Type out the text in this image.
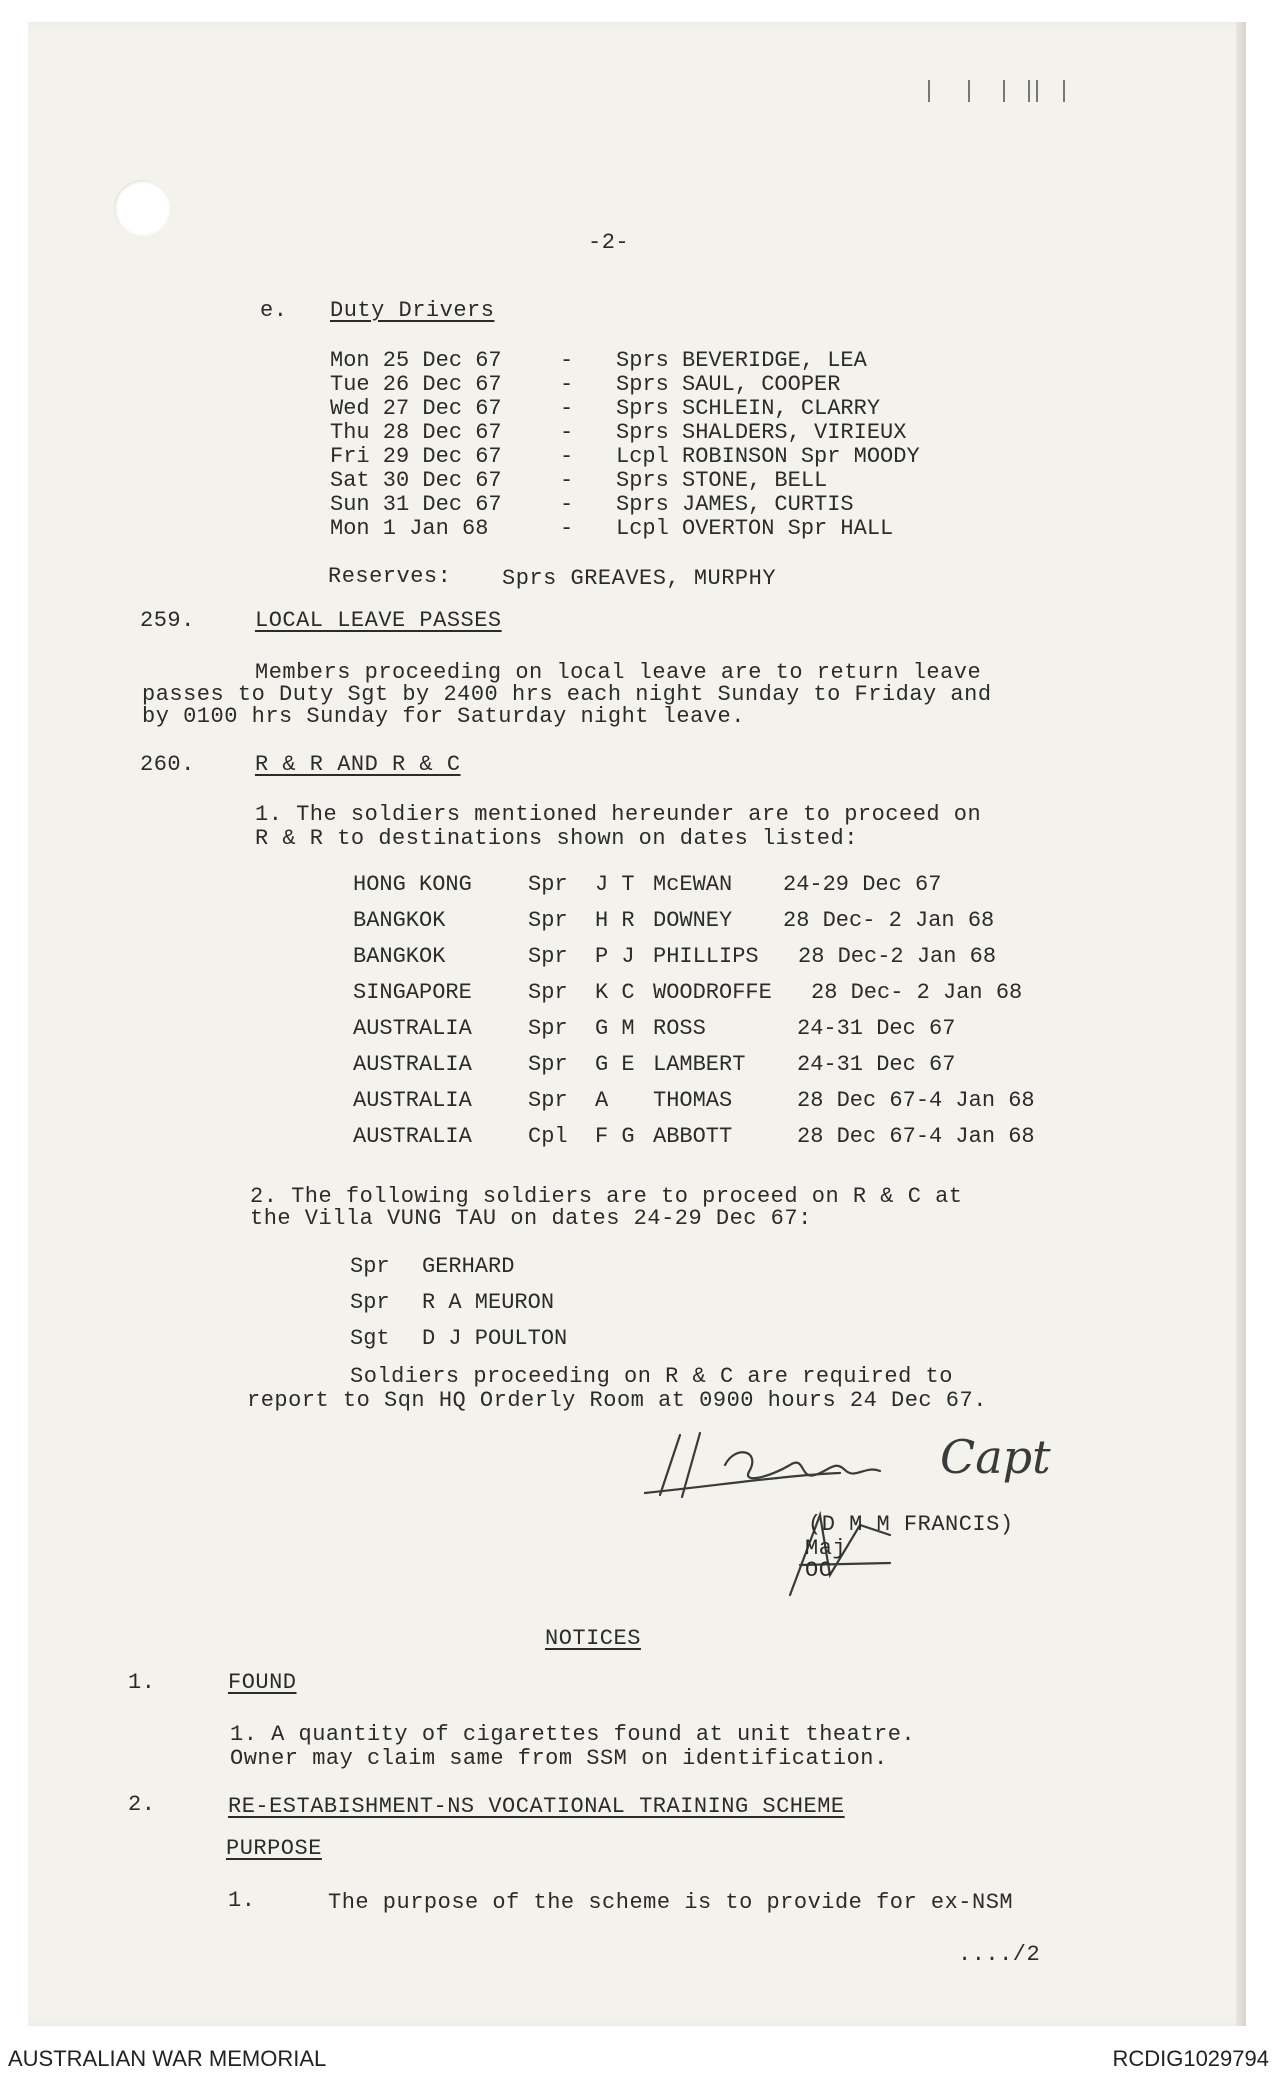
-2-
e. Duty Drivers
Mon 25 Dec 67	- Sprs BEVERIDGE, LEA
Tue 26 Dec 67	- Sprs SAUL, COOPER
Wed 27 Dec 67	- Sprs SCHLEIN, CLARRY
Thu 28 Dec 67	- Sprs SHALDERS, VIRIEUX
Fri 29 Dec 67	- Lcpl ROBINSON Spr MOODY
Sat 30 Dec 67	- Sprs STONE, BELL
Sun 31 Dec 67	- Sprs JAMES, CURTIS
Mon 1 Jan 68	- Lcpl OVERTON Spr HALL
Reserves: Sprs GREAVES, MURPHY
259.	LOCAL LEAVE PASSES
Members proceeding on local leave are to return leave
passes to Duty Sgt by 2400 hrs each night Sunday to Friday and
by 0100 hrs Sunday for Saturday night leave.
260.	R & R AND R & C
1. The soldiers mentioned hereunder are to proceed on
R & R to destinations shown on dates listed:
HONG KONG	Spr J T McEWAN 24-29 Dec 67
BANGKOK	Spr H R DOWNEY 28 Dec- 2 Jan 68
BANGKOK	Spr P J PHILLIPS 28 Dec-2 Jan 68
SINGAPORE	Spr K C WOODROFFE 28 Dec- 2 Jan 68
AUSTRALIA	Spr G M ROSS	24-31 Dec 67
AUSTRALIA	Spr G E LAMBERT 24-31 Dec 67
AUSTRALIA	Spr A THOMAS	28 Dec 67-4 Jan 68
AUSTRALIA	Cpl F G ABBOTT	28 Dec 67-4 Jan 68
2. The following soldiers are to proceed on R & C at
the Villa VUNG TAU on dates 24-29 Dec 67:
Spr GERHARD
Spr R A MEURON
Sgt D J POULTON
Soldiers proceeding on R & C are required to
report to Sqn HQ Orderly Room at 0900 hours 24 Dec 67.
Capt
(D M M FRANCIS)
Maj
OC
NOTICES
1.	FOUND
1. A quantity of cigarettes found at unit theatre.
Owner may claim same from SSM on identification.
2.	RE-ESTABISHMENT-NS VOCATIONAL TRAINING SCHEME
PURPOSE
1.	The purpose of the scheme is to provide for ex-NSM
..../2
AUSTRALIAN WAR MEMORIAL	RCDIG1029794
